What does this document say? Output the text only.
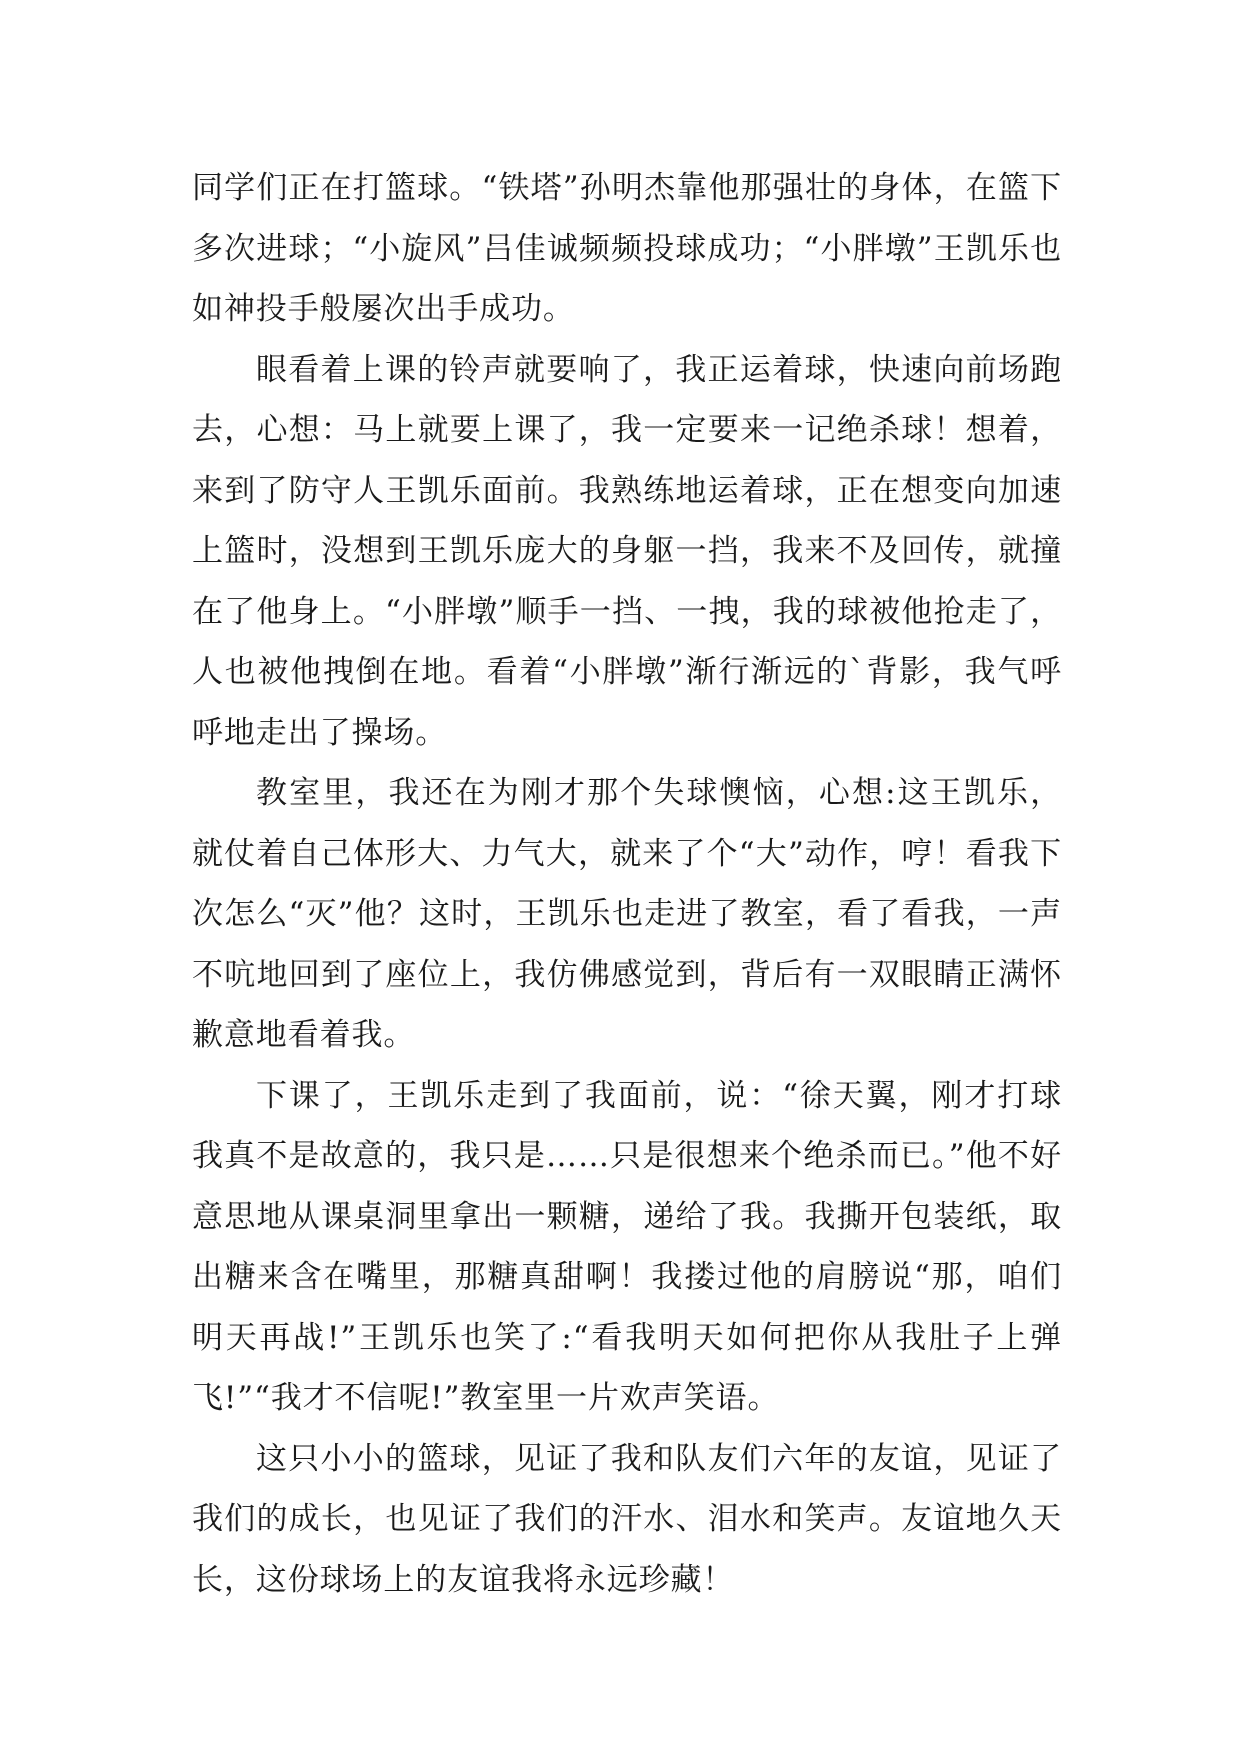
同学们正在打篮球。“铁塔”孙明杰靠他那强壮的身体，在篮下多次进球；“小旋风”吕佳诚频频投球成功；“小胖墩”王凯乐也如神投手般屡次出手成功。

眼看着上课的铃声就要响了，我正运着球，快速向前场跑去，心想：马上就要上课了，我一定要来一记绝杀球！想着，来到了防守人王凯乐面前。我熟练地运着球，正在想变向加速上篮时，没想到王凯乐庞大的身躯一挡，我来不及回传，就撞在了他身上。“小胖墩”顺手一挡、一拽，我的球被他抢走了，人也被他拽倒在地。看着“小胖墩”渐行渐远的`背影，我气呼呼地走出了操场。

教室里，我还在为刚才那个失球懊恼，心想:这王凯乐，就仗着自己体形大、力气大，就来了个“大”动作，哼！看我下次怎么“灭”他？这时，王凯乐也走进了教室，看了看我，一声不吭地回到了座位上，我仿佛感觉到，背后有一双眼睛正满怀歉意地看着我。

下课了，王凯乐走到了我面前，说：“徐天翼，刚才打球我真不是故意的，我只是……只是很想来个绝杀而已。”他不好意思地从课桌洞里拿出一颗糖，递给了我。我撕开包装纸，取出糖来含在嘴里，那糖真甜啊！我搂过他的肩膀说“那，咱们明天再战!”王凯乐也笑了:“看我明天如何把你从我肚子上弹飞!”“我才不信呢!”教室里一片欢声笑语。

这只小小的篮球，见证了我和队友们六年的友谊，见证了我们的成长，也见证了我们的汗水、泪水和笑声。友谊地久天长，这份球场上的友谊我将永远珍藏！
